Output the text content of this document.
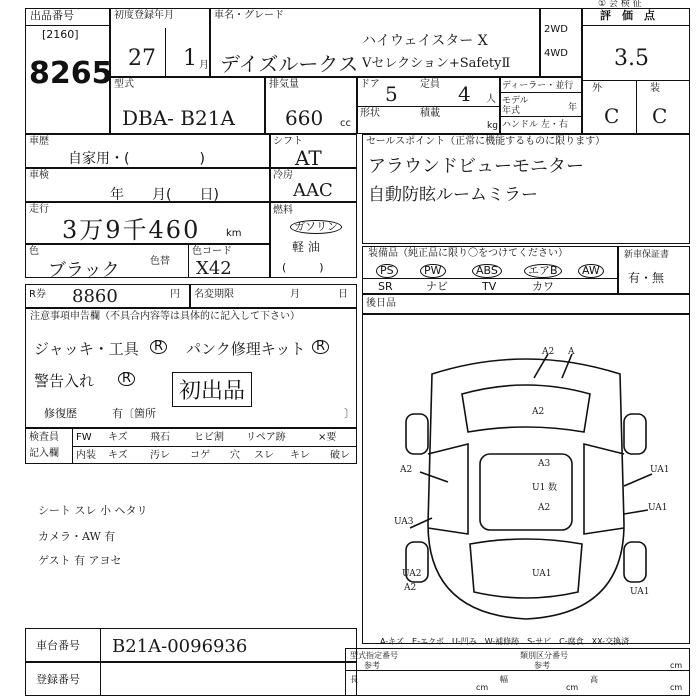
① 会 検 征
出品番号
[2160]
8265
初度登録年月
27 1 月
車名・グレード
デイズルークス
ハイウェイスター X
Vセレクション+SafetyⅡ
2WD
4WD
評　価　点
3.5
外	装
C C
型式
DBA- B21A
排気量
660 cc
ドア	定員
5	4 人
形状	積載
kg
ディーラー・並行
モデル年式	年
ハンドル 左・右
車歴
自家用・(　　　　　)
シフト
AT
車検
年　　月(　　日)
冷房
AAC
走行
3万9千460	km
燃料
ガソリン
軽 油
(　　　)
色
ブラック	色替
色コード
X42
R券 8860	円 名変期限	月	日
セールスポイント（正常に機能するものに限ります）
アラウンドビューモニター
自動防眩ルームミラー
装備品（純正品に限り〇をつけてください）
PS	PW	ABS	エアB	AW
SR	ナビ	TV	カワ
新車保証書
有・無
後日品
注意事項申告欄（不具合内容等は具体的に記入して下さい）
ジャッキ・工具	R パンク修理キット R
警告入れ	R
初出品
修復歴	有〔箇所	〕
検査員
記入欄
FW キズ 飛石 ヒビ割 リペア跡	×要
内装 キズ 汚レ コゲ 穴 スレ キレ 破レ
シート スレ 小 ヘタリ
カメラ・AW 有
ゲスト 有 アヨセ
A2 A
A2
A3
U1 数
A2
UA1
UA1
A2
UA3
UA2	UA1
A2	UA1
A-キズ　E-エクボ　U-凹み　W-補修跡　S-サビ　C-腐食　XX-交換済
車台番号 B21A-0096936
登録番号
型式指定番号
参考
類別区分番号
参考
長
cm
幅
cm
高
cm
cm
